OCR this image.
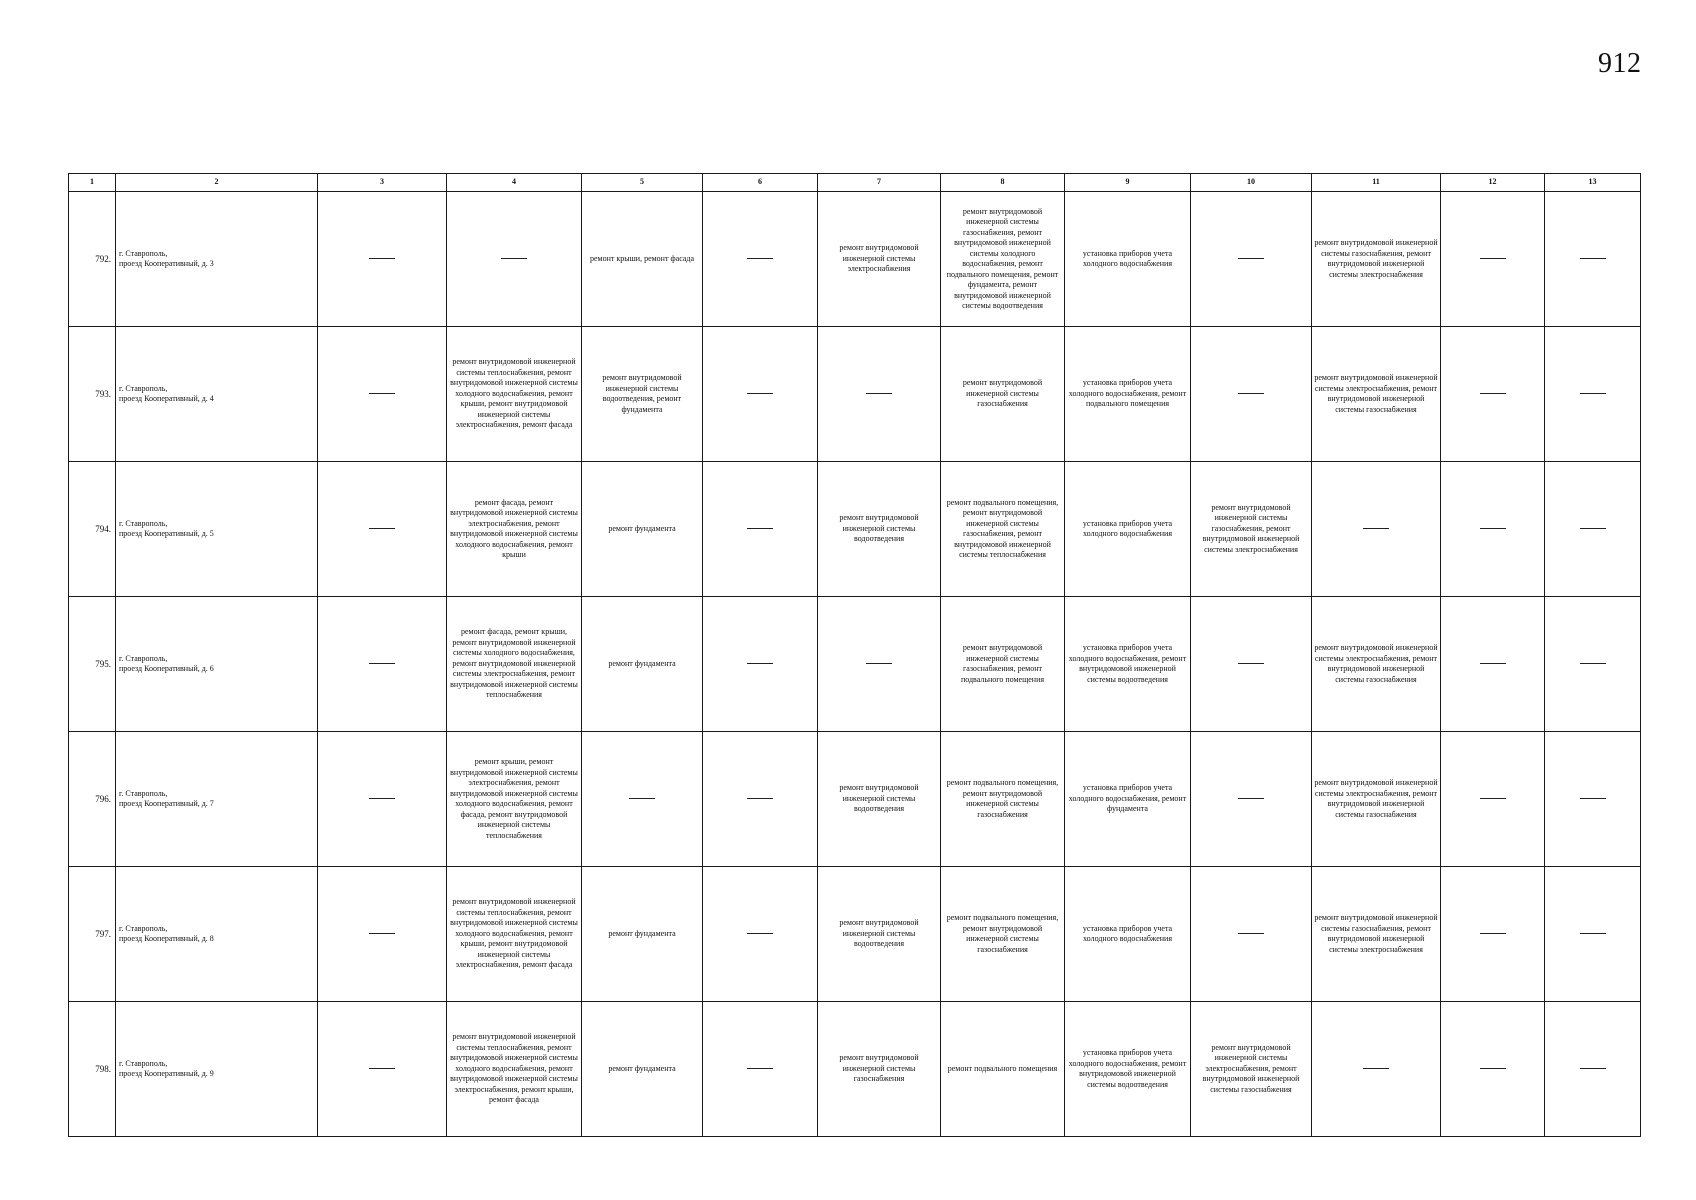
912
1	2	3	4	5	6	7	8	9	10	11	12	13
792.	г. Ставрополь,
проезд Кооперативный, д. 3			ремонт крыши, ремонт фасада		ремонт внутридомовой инженерной системы электроснабжения	ремонт внутридомовой инженерной системы газоснабжения, ремонт внутридомовой инженерной системы холодного водоснабжения, ремонт подвального помещения, ремонт фундамента, ремонт внутридомовой инженерной системы водоотведения	установка приборов учета холодного водоснабжения		ремонт внутридомовой инженерной системы газоснабжения, ремонт внутридомовой инженерной системы электроснабжения		
793.	г. Ставрополь,
проезд Кооперативный, д. 4		ремонт внутридомовой инженерной системы теплоснабжения, ремонт внутридомовой инженерной системы холодного водоснабжения, ремонт крыши, ремонт внутридомовой инженерной системы электроснабжения, ремонт фасада	ремонт внутридомовой инженерной системы водоотведения, ремонт фундамента			ремонт внутридомовой инженерной системы газоснабжения	установка приборов учета холодного водоснабжения, ремонт подвального помещения		ремонт внутридомовой инженерной системы электроснабжения, ремонт внутридомовой инженерной системы газоснабжения		
794.	г. Ставрополь,
проезд Кооперативный, д. 5		ремонт фасада, ремонт внутридомовой инженерной системы электроснабжения, ремонт внутридомовой инженерной системы холодного водоснабжения, ремонт крыши	ремонт фундамента		ремонт внутридомовой инженерной системы водоотведения	ремонт подвального помещения, ремонт внутридомовой инженерной системы газоснабжения, ремонт внутридомовой инженерной системы теплоснабжения	установка приборов учета холодного водоснабжения	ремонт внутридомовой инженерной системы газоснабжения, ремонт внутридомовой инженерной системы электроснабжения			
795.	г. Ставрополь,
проезд Кооперативный, д. 6		ремонт фасада, ремонт крыши, ремонт внутридомовой инженерной системы холодного водоснабжения, ремонт внутридомовой инженерной системы электроснабжения, ремонт внутридомовой инженерной системы теплоснабжения	ремонт фундамента			ремонт внутридомовой инженерной системы газоснабжения, ремонт подвального помещения	установка приборов учета холодного водоснабжения, ремонт внутридомовой инженерной системы водоотведения		ремонт внутридомовой инженерной системы электроснабжения, ремонт внутридомовой инженерной системы газоснабжения		
796.	г. Ставрополь,
проезд Кооперативный, д. 7		ремонт крыши, ремонт внутридомовой инженерной системы электроснабжения, ремонт внутридомовой инженерной системы холодного водоснабжения, ремонт фасада, ремонт внутридомовой инженерной системы теплоснабжения			ремонт внутридомовой инженерной системы водоотведения	ремонт подвального помещения, ремонт внутридомовой инженерной системы газоснабжения	установка приборов учета холодного водоснабжения, ремонт фундамента		ремонт внутридомовой инженерной системы электроснабжения, ремонт внутридомовой инженерной системы газоснабжения		
797.	г. Ставрополь,
проезд Кооперативный, д. 8		ремонт внутридомовой инженерной системы теплоснабжения, ремонт внутридомовой инженерной системы холодного водоснабжения, ремонт крыши, ремонт внутридомовой инженерной системы электроснабжения, ремонт фасада	ремонт фундамента		ремонт внутридомовой инженерной системы водоотведения	ремонт подвального помещения, ремонт внутридомовой инженерной системы газоснабжения	установка приборов учета холодного водоснабжения		ремонт внутридомовой инженерной системы газоснабжения, ремонт внутридомовой инженерной системы электроснабжения		
798.	г. Ставрополь,
проезд Кооперативный, д. 9		ремонт внутридомовой инженерной системы теплоснабжения, ремонт внутридомовой инженерной системы холодного водоснабжения, ремонт внутридомовой инженерной системы электроснабжения, ремонт крыши, ремонт фасада	ремонт фундамента		ремонт внутридомовой инженерной системы газоснабжения	ремонт подвального помещения	установка приборов учета холодного водоснабжения, ремонт внутридомовой инженерной системы водоотведения	ремонт внутридомовой инженерной системы электроснабжения, ремонт внутридомовой инженерной системы газоснабжения			
